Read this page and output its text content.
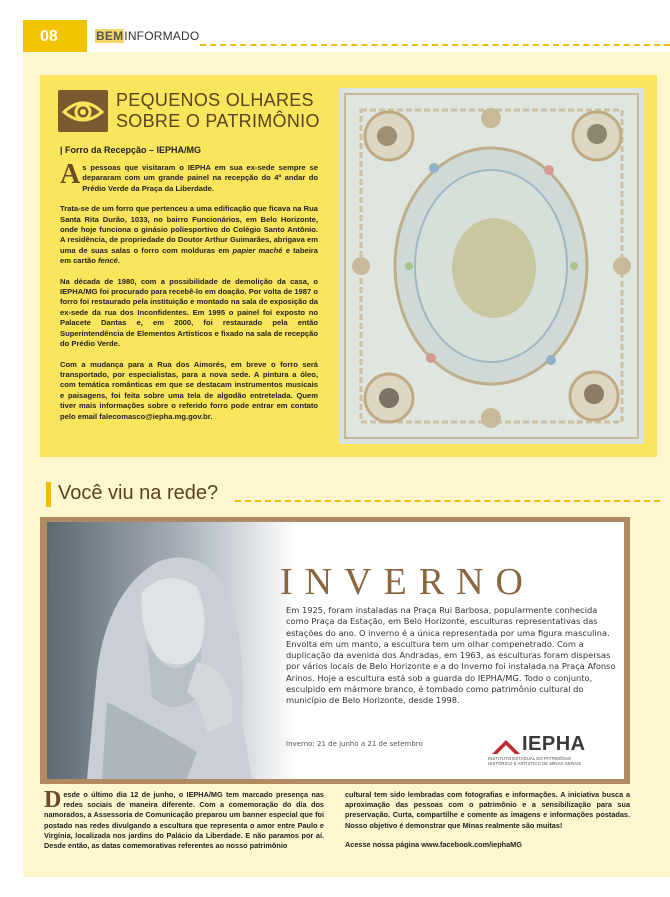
08	BEMINFORMADO
PEQUENOS OLHARES SOBRE O PATRIMÔNIO
| Forro da Recepção – IEPHA/MG

As pessoas que visitaram o IEPHA em sua ex-sede sempre se depararam com um grande painel na recepção do 4º andar do Prédio Verde da Praça da Liberdade.

Trata-se de um forro que pertenceu a uma edificação que ficava na Rua Santa Rita Durão, 1033, no bairro Funcionários, em Belo Horizonte, onde hoje funciona o ginásio poliesportivo do Colégio Santo Antônio. A residência, de propriedade do Doutor Arthur Guimarães, abrigava em uma de suas salas o forro com molduras em papier maché e tabeira em cartão fencé.

Na década de 1980, com a possibilidade de demolição da casa, o IEPHA/MG foi procurado para recebê-lo em doação. Por volta de 1987 o forro foi restaurado pela instituição e montado na sala de exposição da ex-sede da rua dos Inconfidentes. Em 1995 o painel foi exposto no Palacete Dantas e, em 2000, foi restaurado pela então Superintendência de Elementos Artísticos e fixado na sala de recepção do Prédio Verde.

Com a mudança para a Rua dos Aimorés, em breve o forro será transportado, por especialistas, para a nova sede. A pintura a óleo, com temática românticas em que se destacam instrumentos musicais e paisagens, foi feita sobre uma tela de algodão entretelada. Quem tiver mais informações sobre o referido forro pode entrar em contato pelo email falecomasco@iepha.mg.gov.br.

Você viu na rede?
Foto: Israel Drumond	INVERNO
Em 1925, foram instaladas na Praça Rui Barbosa, popularmente conhecida como Praça da Estação, em Belo Horizonte, esculturas representativas das estações do ano. O inverno é a única representada por uma figura masculina. Envolta em um manto, a escultura tem um olhar compenetrado. Com a duplicação da avenida dos Andradas, em 1963, as esculturas foram dispersas por vários locais de Belo Horizonte e a do Inverno foi instalada na Praça Afonso Arinos. Hoje a escultura está sob a guarda do IEPHA/MG. Todo o conjunto, esculpido em mármore branco, é tombado como patrimônio cultural do município de Belo Horizonte, desde 1998.
Inverno: 21 de junho a 21 de setembro	IEPHA
INSTITUTO ESTADUAL DO PATRIMÔNIO
HISTÓRICO E ARTÍSTICO DE MINAS GERAIS
Desde o último dia 12 de junho, o IEPHA/MG tem marcado presença nas redes sociais de maneira diferente. Com a comemoração do dia dos namorados, a Assessoria de Comunicação preparou um banner especial que foi postado nas redes divulgando a escultura que representa o amor entre Paulo e Virgínia, localizada nos jardins do Palácio da Liberdade. E não paramos por aí. Desde então, as datas comemorativas referentes ao nosso patrimônio

cultural tem sido lembradas com fotografias e informações. A iniciativa busca a aproximação das pessoas com o patrimônio e a sensibilização para sua preservação. Curta, compartilhe e comente as imagens e informações postadas. Nosso objetivo é demonstrar que Minas realmente são muitas!

Acesse nossa página www.facebook.com/iephaMG
